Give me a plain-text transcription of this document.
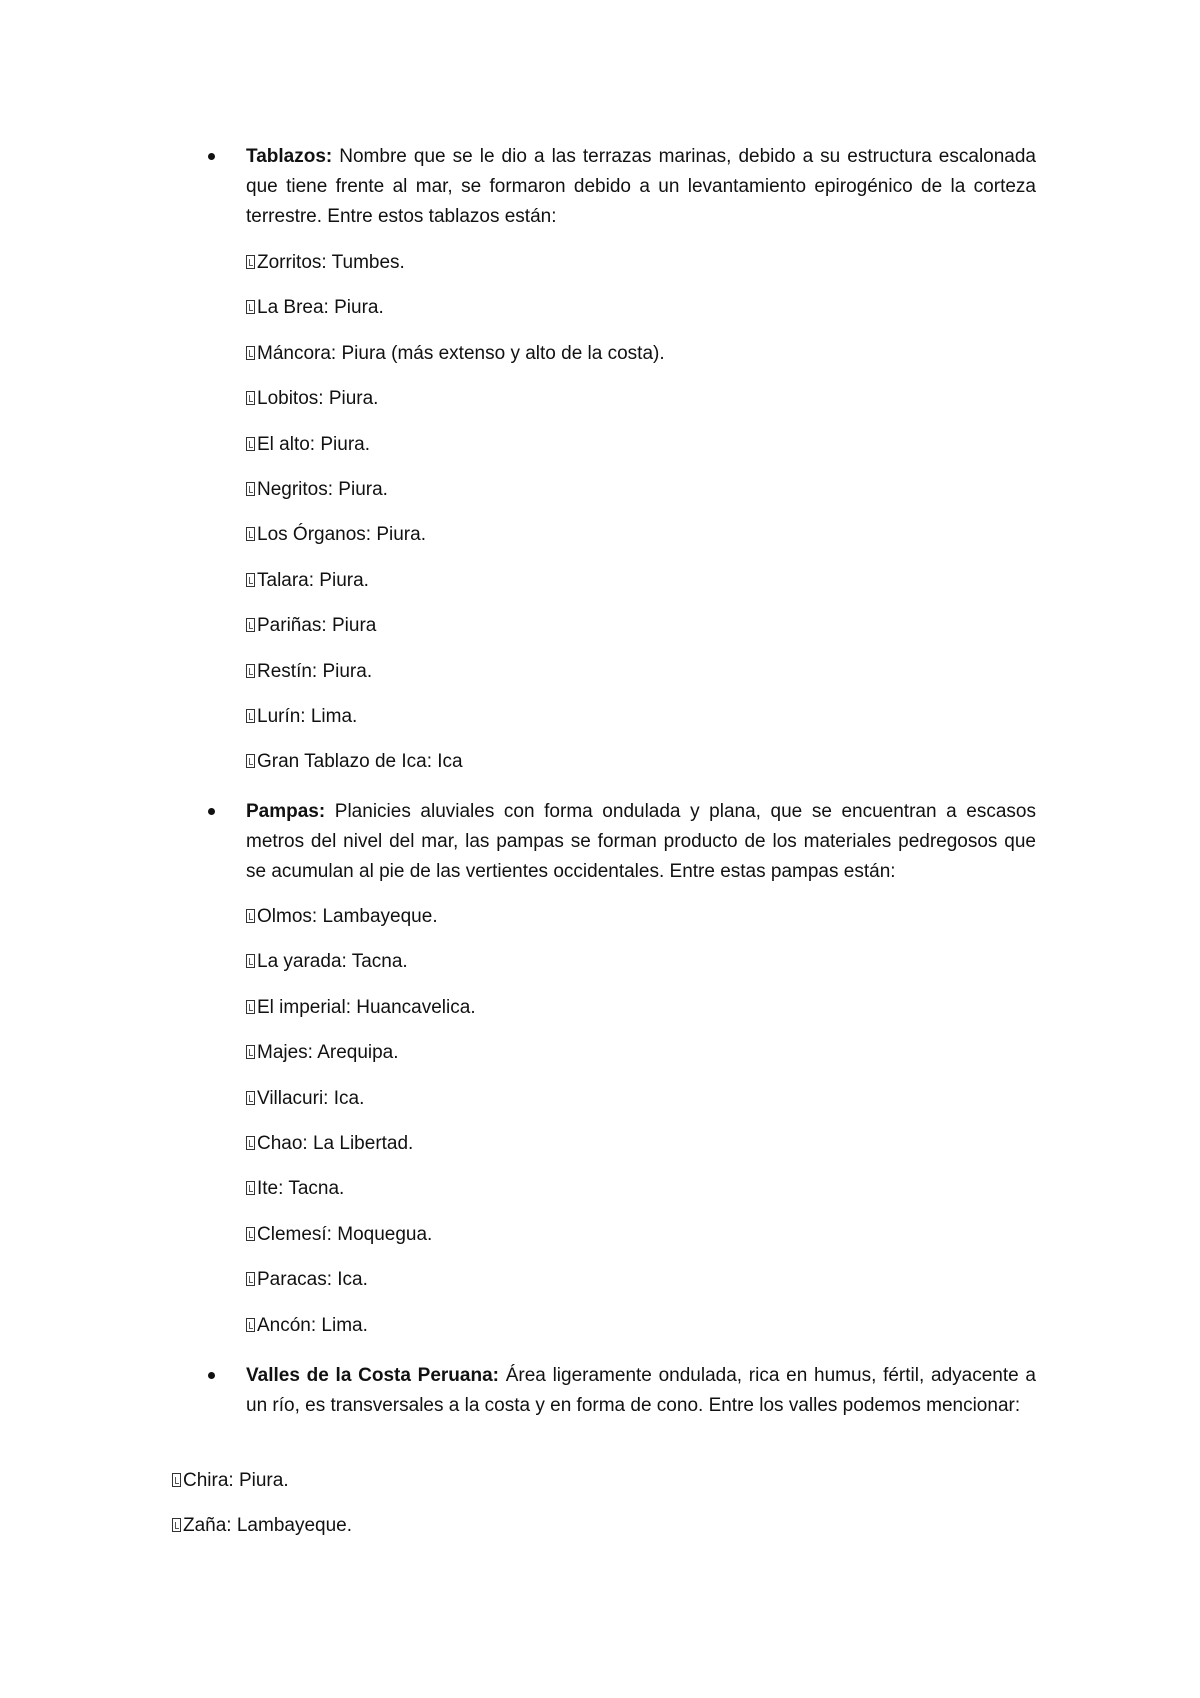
Tablazos: Nombre que se le dio a las terrazas marinas, debido a su estructura escalonada que tiene frente al mar, se formaron debido a un levantamiento epirogénico de la corteza terrestre. Entre estos tablazos están:

Zorritos: Tumbes.

La Brea: Piura.

Máncora: Piura (más extenso y alto de la costa).

Lobitos: Piura.

El alto: Piura.

Negritos: Piura.

Los Órganos: Piura.

Talara: Piura.

Pariñas: Piura

Restín: Piura.

Lurín: Lima.

Gran Tablazo de Ica: Ica

Pampas: Planicies aluviales con forma ondulada y plana, que se encuentran a escasos metros del nivel del mar, las pampas se forman producto de los materiales pedregosos que se acumulan al pie de las vertientes occidentales. Entre estas pampas están:

Olmos: Lambayeque.

La yarada: Tacna.

El imperial: Huancavelica.

Majes: Arequipa.

Villacuri: Ica.

Chao: La Libertad.

Ite: Tacna.

Clemesí: Moquegua.

Paracas: Ica.

Ancón: Lima.

Valles de la Costa Peruana: Área ligeramente ondulada, rica en humus, fértil, adyacente a un río, es transversales a la costa y en forma de cono. Entre los valles podemos mencionar:

Chira: Piura.

Zaña: Lambayeque.
